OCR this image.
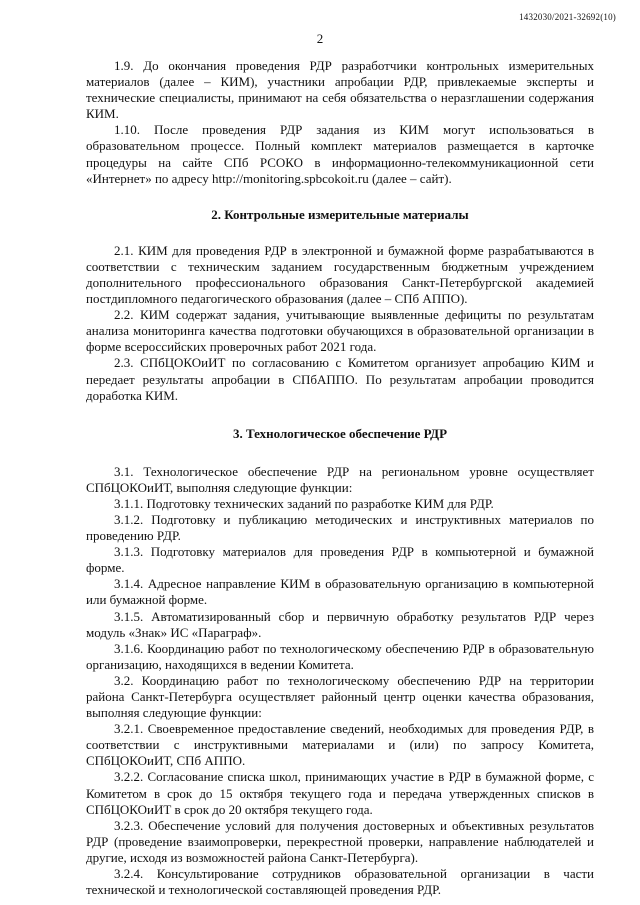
1432030/2021-32692(10)
2

1.9. До окончания проведения РДР разработчики контрольных измерительных материалов (далее – КИМ), участники апробации РДР, привлекаемые эксперты и технические специалисты, принимают на себя обязательства о неразглашении содержания КИМ.

1.10. После проведения РДР задания из КИМ могут использоваться в образовательном процессе. Полный комплект материалов размещается в карточке процедуры на сайте СПб РСОКО в информационно-телекоммуникационной сети «Интернет» по адресу http://monitoring.spbcokoit.ru (далее – сайт).

2. Контрольные измерительные материалы

2.1. КИМ для проведения РДР в электронной и бумажной форме разрабатываются в соответствии с техническим заданием государственным бюджетным учреждением дополнительного профессионального образования Санкт-Петербургской академией постдипломного педагогического образования (далее – СПб АППО).

2.2. КИМ содержат задания, учитывающие выявленные дефициты по результатам анализа мониторинга качества подготовки обучающихся в образовательной организации в форме всероссийских проверочных работ 2021 года.

2.3. СПбЦОКОиИТ по согласованию с Комитетом организует апробацию КИМ и передает результаты апробации в СПбАППО. По результатам апробации проводится доработка КИМ.

3. Технологическое обеспечение РДР

3.1. Технологическое обеспечение РДР на региональном уровне осуществляет СПбЦОКОиИТ, выполняя следующие функции:

3.1.1. Подготовку технических заданий по разработке КИМ для РДР.

3.1.2. Подготовку и публикацию методических и инструктивных материалов по проведению РДР.

3.1.3. Подготовку материалов для проведения РДР в компьютерной и бумажной форме.

3.1.4. Адресное направление КИМ в образовательную организацию в компьютерной или бумажной форме.

3.1.5. Автоматизированный сбор и первичную обработку результатов РДР через модуль «Знак» ИС «Параграф».

3.1.6. Координацию работ по технологическому обеспечению РДР в образовательную организацию, находящихся в ведении Комитета.

3.2. Координацию работ по технологическому обеспечению РДР на территории района Санкт-Петербурга осуществляет районный центр оценки качества образования, выполняя следующие функции:

3.2.1. Своевременное предоставление сведений, необходимых для проведения РДР, в соответствии с инструктивными материалами и (или) по запросу Комитета, СПбЦОКОиИТ, СПб АППО.

3.2.2. Согласование списка школ, принимающих участие в РДР в бумажной форме, с Комитетом в срок до 15 октября текущего года и передача утвержденных списков в СПбЦОКОиИТ в срок до 20 октября текущего года.

3.2.3. Обеспечение условий для получения достоверных и объективных результатов РДР (проведение взаимопроверки, перекрестной проверки, направление наблюдателей и другие, исходя из возможностей района Санкт-Петербурга).

3.2.4. Консультирование сотрудников образовательной организации в части технической и технологической составляющей проведения РДР.
